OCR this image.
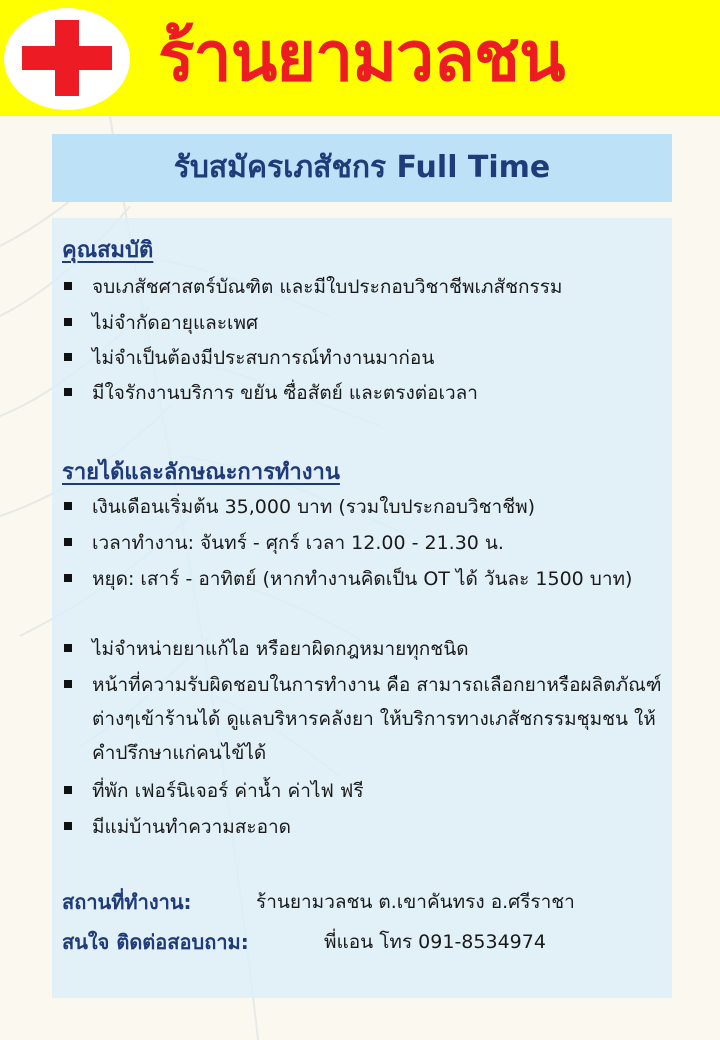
ร้านยามวลชน
รับสมัครเภสัชกร Full Time
คุณสมบัติ
จบเภสัชศาสตร์บัณฑิต และมีใบประกอบวิชาชีพเภสัชกรรม
ไม่จำกัดอายุและเพศ
ไม่จำเป็นต้องมีประสบการณ์ทำงานมาก่อน
มีใจรักงานบริการ ขยัน ซื่อสัตย์ และตรงต่อเวลา
รายได้และลักษณะการทำงาน
เงินเดือนเริ่มต้น 35,000 บาท (รวมใบประกอบวิชาชีพ)
เวลาทำงาน: จันทร์ - ศุกร์ เวลา 12.00 - 21.30 น.
หยุด: เสาร์ - อาทิตย์ (หากทำงานคิดเป็น OT ได้ วันละ 1500 บาท)
ไม่จำหน่ายยาแก้ไอ หรือยาผิดกฎหมายทุกชนิด
หน้าที่ความรับผิดชอบในการทำงาน คือ สามารถเลือกยาหรือผลิตภัณฑ์ต่างๆเข้าร้านได้ ดูแลบริหารคลังยา ให้บริการทางเภสัชกรรมชุมชน ให้คำปรึกษาแก่คนไข้ได้
ที่พัก เฟอร์นิเจอร์ ค่าน้ำ ค่าไฟ ฟรี
มีแม่บ้านทำความสะอาด
สถานที่ทำงาน:	ร้านยามวลชน ต.เขาคันทรง อ.ศรีราชา
สนใจ ติดต่อสอบถาม:	พี่แอน โทร 091-8534974
